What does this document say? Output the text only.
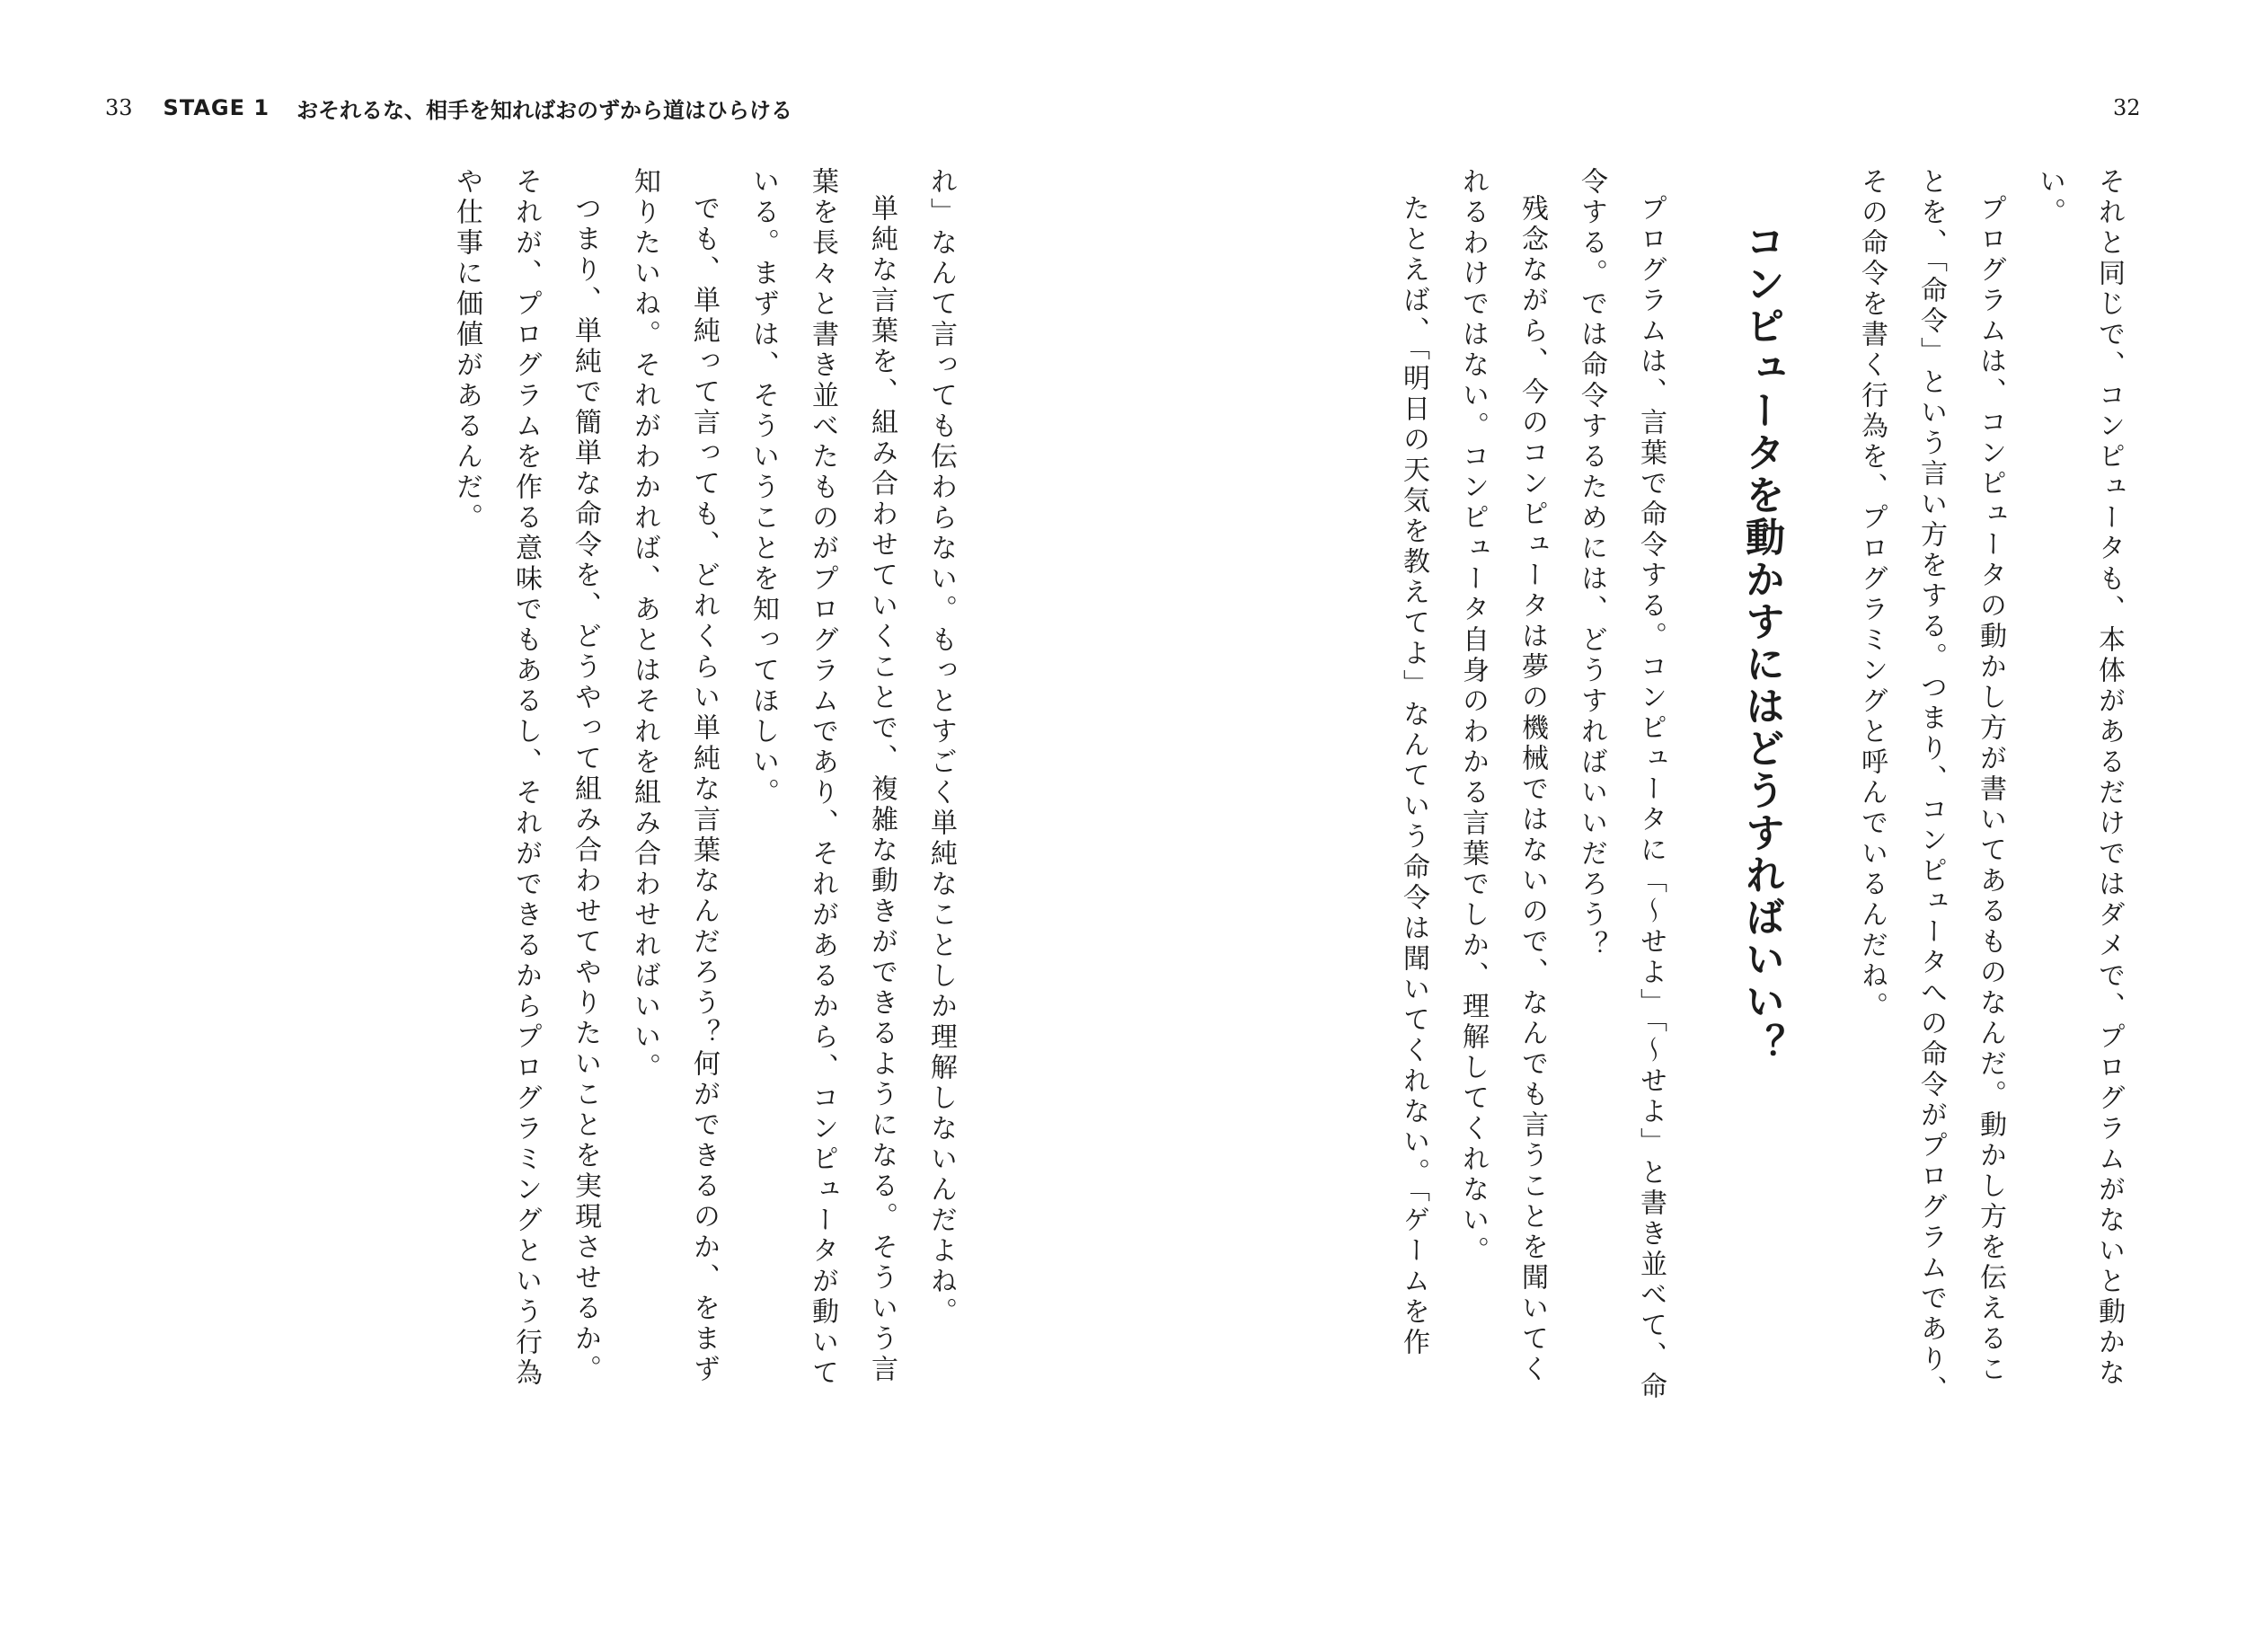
33 STAGE 1 おそれるな、相手を知ればおのずから道はひらける	32

それと同じで、コンピュータも、本体があるだけではダメで、プログラムがないと動かない。

プログラムは、コンピュータの動かし方が書いてあるものなんだ。動かし方を伝えることを、「命令」という言い方をする。つまり、コンピュータへの命令がプログラムであり、その命令を書く行為を、プログラミングと呼んでいるんだね。

コンピュータを動かすにはどうすればいい？

プログラムは、言葉で命令する。コンピュータに「〜せよ」「〜せよ」と書き並べて、命令する。では命令するためには、どうすればいいだろう？

残念ながら、今のコンピュータは夢の機械ではないので、なんでも言うことを聞いてくれるわけではない。コンピュータ自身のわかる言葉でしか、理解してくれない。

たとえば、「明日の天気を教えてよ」なんていう命令は聞いてくれない。「ゲームを作

れ」なんて言っても伝わらない。もっとすごく単純なことしか理解しないんだよね。

単純な言葉を、組み合わせていくことで、複雑な動きができるようになる。そういう言葉を長々と書き並べたものがプログラムであり、それがあるから、コンピュータが動いている。まずは、そういうことを知ってほしい。

でも、単純って言っても、どれくらい単純な言葉なんだろう？何ができるのか、をまず知りたいね。それがわかれば、あとはそれを組み合わせればいい。

つまり、単純で簡単な命令を、どうやって組み合わせてやりたいことを実現させるか。それが、プログラムを作る意味でもあるし、それができるからプログラミングという行為や仕事に価値があるんだ。
